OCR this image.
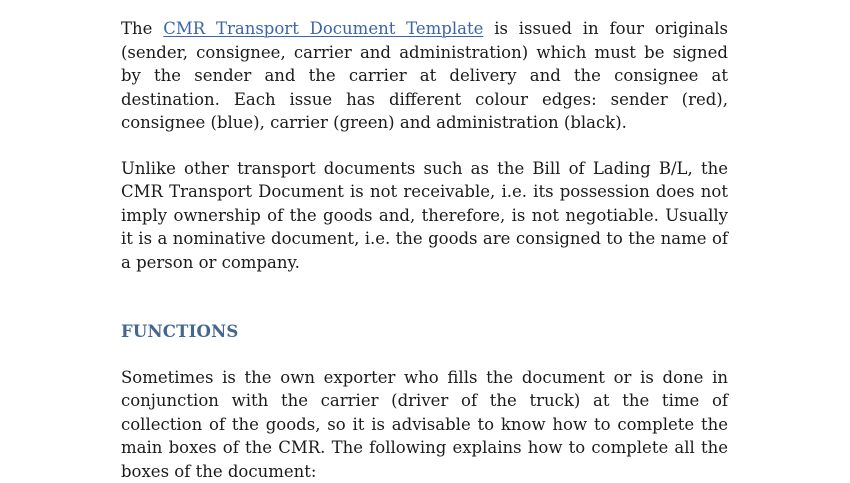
The CMR Transport Document Template is issued in four originals (sender, consignee, carrier and administration) which must be signed by the sender and the carrier at delivery and the consignee at destination. Each issue has different colour edges: sender (red), consignee (blue), carrier (green) and administration (black).

Unlike other transport documents such as the Bill of Lading B/L, the CMR Transport Document is not receivable, i.e. its possession does not imply ownership of the goods and, therefore, is not negotiable. Usually it is a nominative document, i.e. the goods are consigned to the name of a person or company.

FUNCTIONS

Sometimes is the own exporter who fills the document or is done in conjunction with the carrier (driver of the truck) at the time of collection of the goods, so it is advisable to know how to complete the main boxes of the CMR. The following explains how to complete all the boxes of the document:
